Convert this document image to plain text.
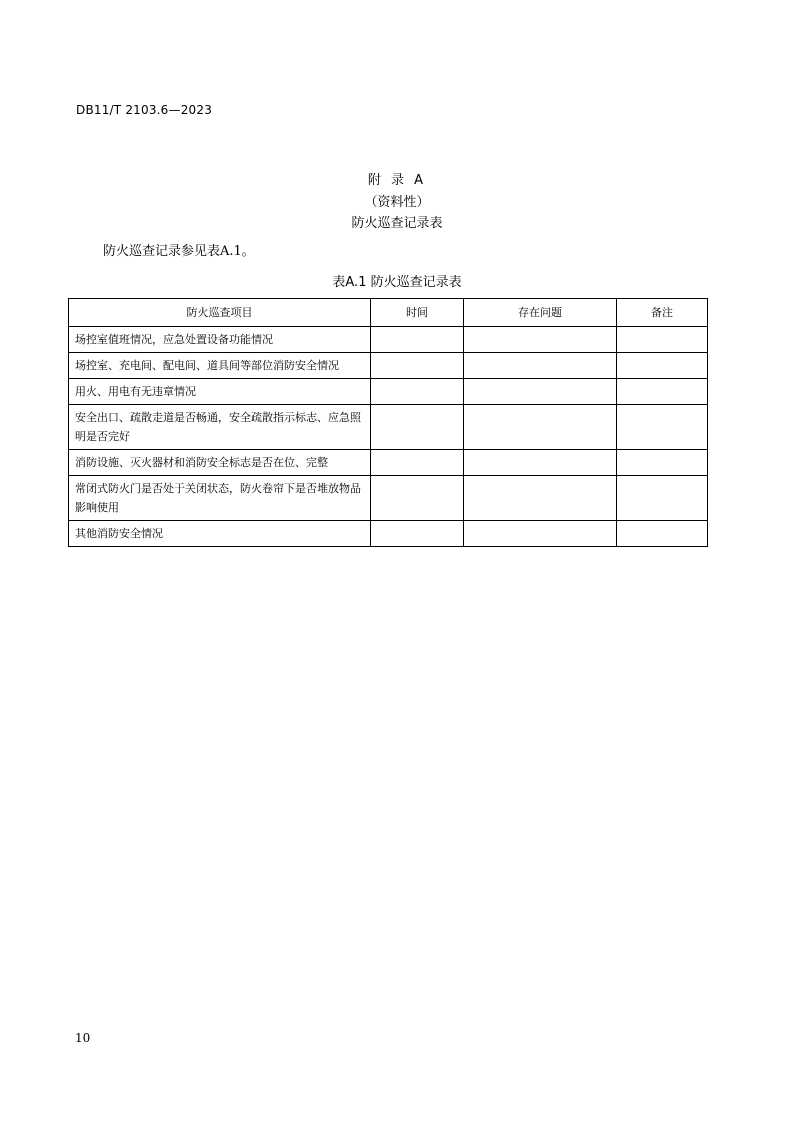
DB11/T 2103.6—2023
附 录 A
（资料性）
防火巡查记录表
防火巡查记录参见表A.1。
表A.1 防火巡查记录表
防火巡查项目	时间	存在问题	备注
场控室值班情况，应急处置设备功能情况			
场控室、充电间、配电间、道具间等部位消防安全情况			
用火、用电有无违章情况			
安全出口、疏散走道是否畅通，安全疏散指示标志、应急照明是否完好			
消防设施、灭火器材和消防安全标志是否在位、完整			
常闭式防火门是否处于关闭状态，防火卷帘下是否堆放物品影响使用			
其他消防安全情况			
10
